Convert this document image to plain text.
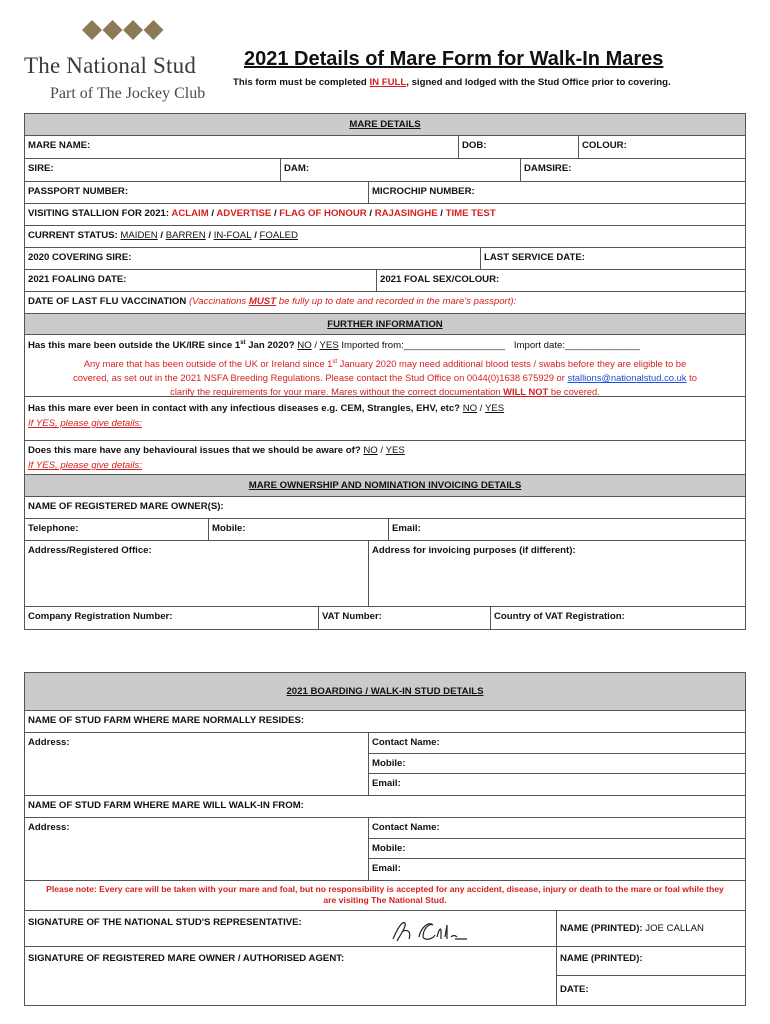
The National Stud
Part of The Jockey Club
2021 Details of Mare Form for Walk-In Mares
This form must be completed IN FULL, signed and lodged with the Stud Office prior to covering.
MARE DETAILS
MARE NAME:	DOB:	COLOUR:
SIRE:	DAM:	DAMSIRE:
PASSPORT NUMBER:	MICROCHIP NUMBER:
VISITING STALLION FOR 2021: ACLAIM / ADVERTISE / FLAG OF HONOUR / RAJASINGHE / TIME TEST
CURRENT STATUS: MAIDEN / BARREN / IN-FOAL / FOALED
2020 COVERING SIRE:	LAST SERVICE DATE:
2021 FOALING DATE:	2021 FOAL SEX/COLOUR:
DATE OF LAST FLU VACCINATION (Vaccinations MUST be fully up to date and recorded in the mare's passport):
FURTHER INFORMATION
Has this mare been outside the UK/IRE since 1st Jan 2020? NO / YES Imported from:___________________ Import date:______________
Any mare that has been outside of the UK or Ireland since 1st January 2020 may need additional blood tests / swabs before they are eligible to be
covered, as set out in the 2021 NSFA Breeding Regulations. Please contact the Stud Office on 0044(0)1638 675929 or stallions@nationalstud.co.uk to
clarify the requirements for your mare. Mares without the correct documentation WILL NOT be covered.
Has this mare ever been in contact with any infectious diseases e.g. CEM, Strangles, EHV, etc? NO / YES
If YES, please give details:
Does this mare have any behavioural issues that we should be aware of? NO / YES
If YES, please give details:
MARE OWNERSHIP AND NOMINATION INVOICING DETAILS
NAME OF REGISTERED MARE OWNER(S):
Telephone:	Mobile:	Email:
Address/Registered Office:	Address for invoicing purposes (if different):
Company Registration Number:	VAT Number:	Country of VAT Registration:
2021 BOARDING / WALK-IN STUD DETAILS
NAME OF STUD FARM WHERE MARE NORMALLY RESIDES:
Address:	Contact Name:
Mobile:
Email:
NAME OF STUD FARM WHERE MARE WILL WALK-IN FROM:
Address:	Contact Name:
Mobile:
Email:
Please note: Every care will be taken with your mare and foal, but no responsibility is accepted for any accident, disease, injury or death to the mare or foal while they
are visiting The National Stud.
SIGNATURE OF THE NATIONAL STUD'S REPRESENTATIVE:
NAME (PRINTED): JOE CALLAN
SIGNATURE OF REGISTERED MARE OWNER / AUTHORISED AGENT:	NAME (PRINTED):
DATE:
